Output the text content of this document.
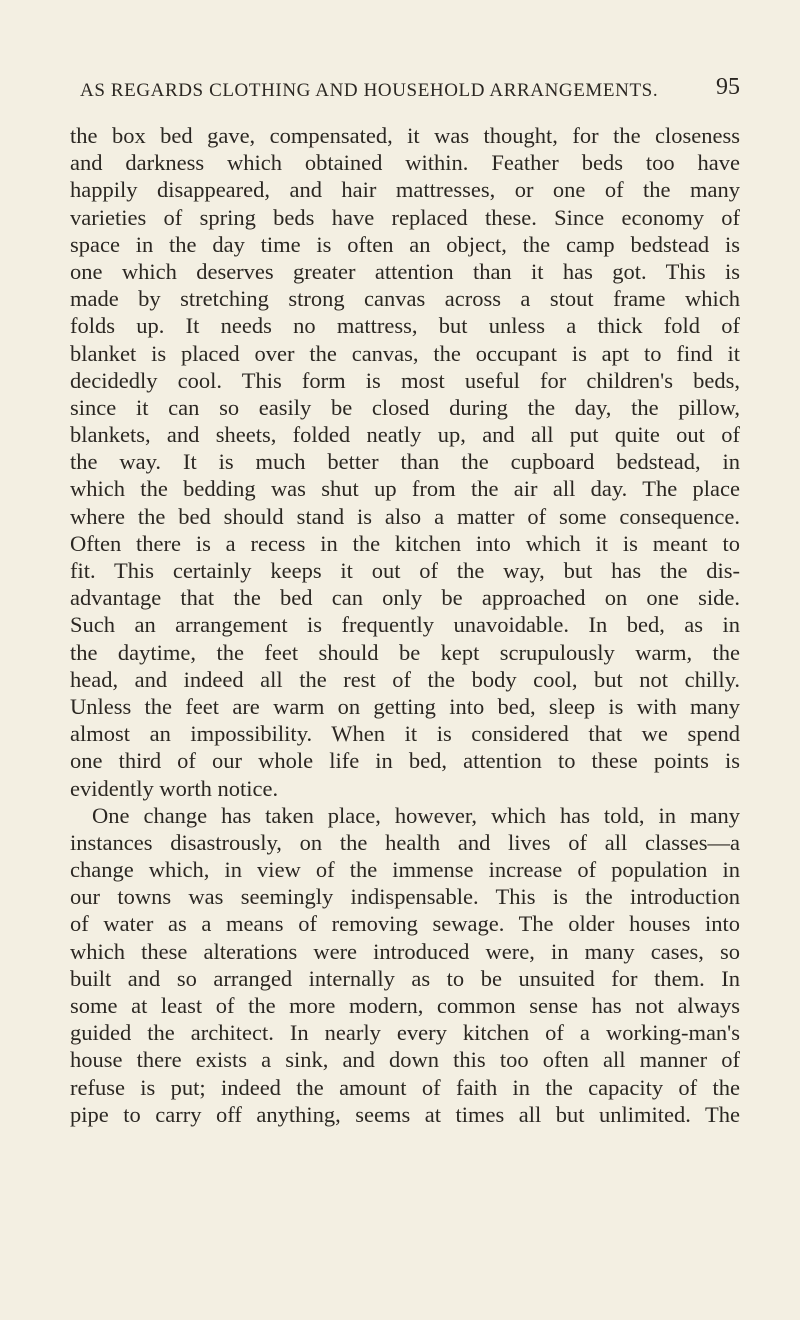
AS REGARDS CLOTHING AND HOUSEHOLD ARRANGEMENTS. 95
the box bed gave, compensated, it was thought, for the closeness
and darkness which obtained within. Feather beds too have
happily disappeared, and hair mattresses, or one of the many
varieties of spring beds have replaced these. Since economy of
space in the day time is often an object, the camp bedstead is
one which deserves greater attention than it has got. This is
made by stretching strong canvas across a stout frame which
folds up. It needs no mattress, but unless a thick fold of
blanket is placed over the canvas, the occupant is apt to find it
decidedly cool. This form is most useful for children's beds,
since it can so easily be closed during the day, the pillow,
blankets, and sheets, folded neatly up, and all put quite out of
the way. It is much better than the cupboard bedstead, in
which the bedding was shut up from the air all day. The place
where the bed should stand is also a matter of some consequence.
Often there is a recess in the kitchen into which it is meant to
fit. This certainly keeps it out of the way, but has the dis-
advantage that the bed can only be approached on one side.
Such an arrangement is frequently unavoidable. In bed, as in
the daytime, the feet should be kept scrupulously warm, the
head, and indeed all the rest of the body cool, but not chilly.
Unless the feet are warm on getting into bed, sleep is with many
almost an impossibility. When it is considered that we spend
one third of our whole life in bed, attention to these points is
evidently worth notice.
One change has taken place, however, which has told, in many
instances disastrously, on the health and lives of all classes—a
change which, in view of the immense increase of population in
our towns was seemingly indispensable. This is the introduction
of water as a means of removing sewage. The older houses into
which these alterations were introduced were, in many cases, so
built and so arranged internally as to be unsuited for them. In
some at least of the more modern, common sense has not always
guided the architect. In nearly every kitchen of a working-man's
house there exists a sink, and down this too often all manner of
refuse is put; indeed the amount of faith in the capacity of the
pipe to carry off anything, seems at times all but unlimited. The
